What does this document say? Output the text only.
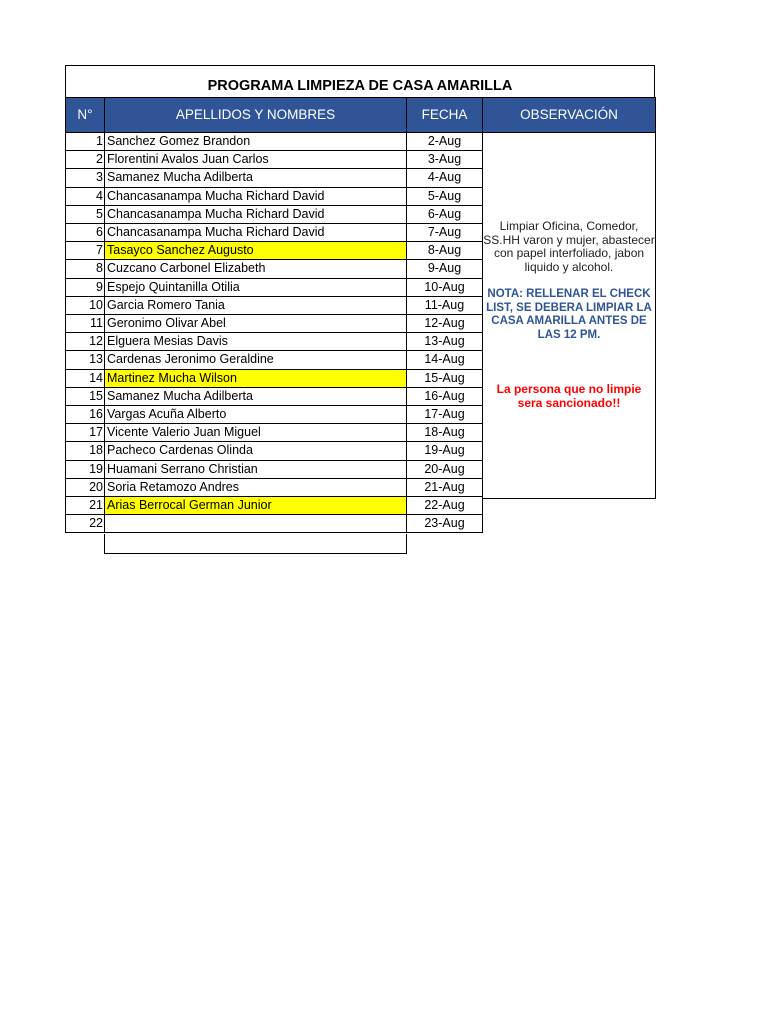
PROGRAMA LIMPIEZA DE CASA AMARILLA
N°	APELLIDOS Y NOMBRES	FECHA	OBSERVACIÓN
1 Sanchez Gomez Brandon	2-Aug
2 Florentini Avalos Juan Carlos	3-Aug
3 Samanez Mucha Adilberta	4-Aug
4 Chancasanampa Mucha Richard David	5-Aug
5 Chancasanampa Mucha Richard David	6-Aug
6 Chancasanampa Mucha Richard David	7-Aug
7 Tasayco Sanchez Augusto	8-Aug
8 Cuzcano Carbonel Elizabeth	9-Aug
9 Espejo Quintanilla Otilia	10-Aug
10 Garcia Romero Tania	11-Aug
11 Geronimo Olivar Abel	12-Aug
12 Elguera Mesias Davis	13-Aug
13 Cardenas Jeronimo Geraldine	14-Aug
14 Martinez Mucha Wilson	15-Aug
15 Samanez Mucha Adilberta	16-Aug
16 Vargas Acuña Alberto	17-Aug
17 Vicente Valerio Juan Miguel	18-Aug
18 Pacheco Cardenas Olinda	19-Aug
19 Huamani Serrano Christian	20-Aug
20 Soria Retamozo Andres	21-Aug
21 Arias Berrocal German Junior	22-Aug
22	23-Aug
Limpiar Oficina, Comedor, SS.HH varon y mujer, abastecer con papel interfoliado, jabon liquido y alcohol.
NOTA: RELLENAR EL CHECK LIST, SE DEBERA LIMPIAR LA CASA AMARILLA ANTES DE LAS 12 PM.
La persona que no limpie sera sancionado!!
